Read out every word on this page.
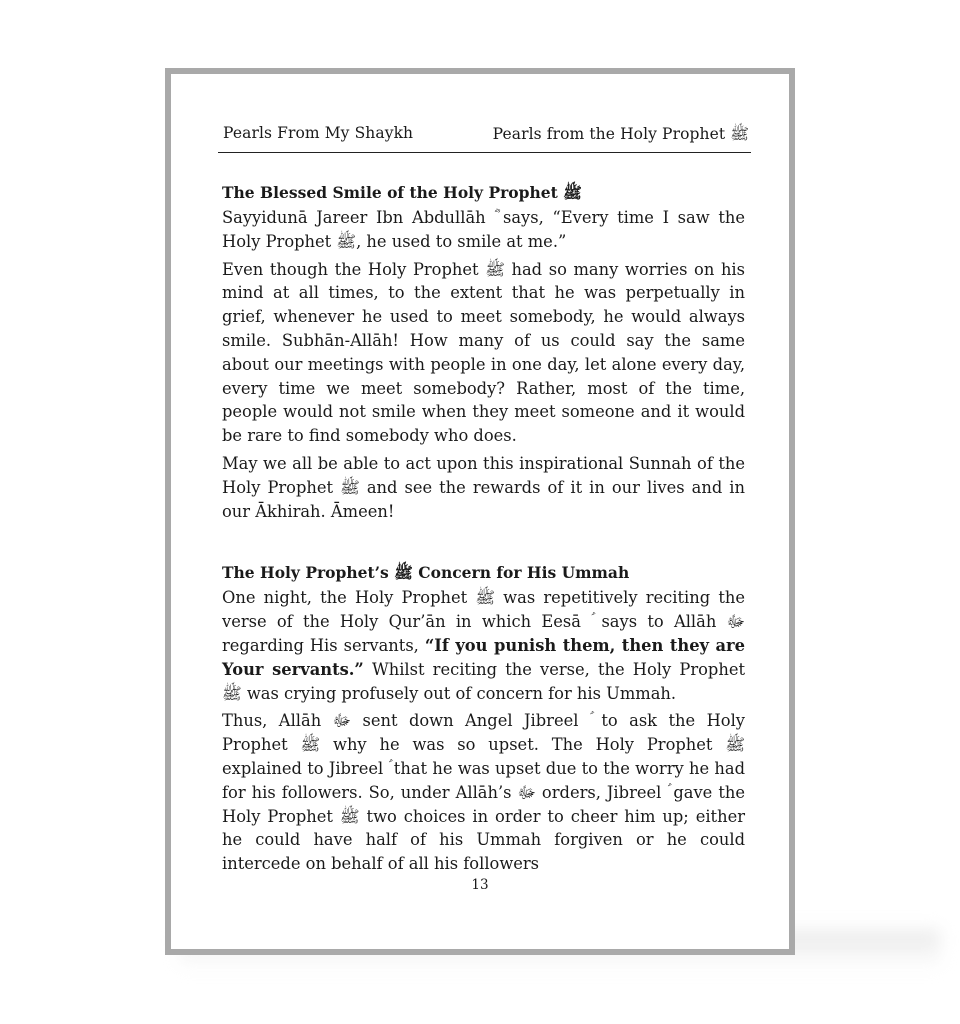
Pearls From My Shaykh	Pearls from the Holy Prophet ﷺ
The Blessed Smile of the Holy Prophet ﷺ

Sayyidunā Jareer Ibn Abdullāh ؓ says, “Every time I saw the Holy Prophet ﷺ, he used to smile at me.”

Even though the Holy Prophet ﷺ had so many worries on his mind at all times, to the extent that he was perpetually in grief, whenever he used to meet somebody, he would always smile. Subhān-Allāh! How many of us could say the same about our meetings with people in one day, let alone every day, every time we meet somebody? Rather, most of the time, people would not smile when they meet someone and it would be rare to find somebody who does.

May we all be able to act upon this inspirational Sunnah of the Holy Prophet ﷺ and see the rewards of it in our lives and in our Ākhirah. Āmeen!

The Holy Prophet’s ﷺ Concern for His Ummah

One night, the Holy Prophet ﷺ was repetitively reciting the verse of the Holy Qur’ān in which Eesā ؑ says to Allāh ﷻ regarding His servants, “If you punish them, then they are Your servants.” Whilst reciting the verse, the Holy Prophet ﷺ was crying profusely out of concern for his Ummah.

Thus, Allāh ﷻ sent down Angel Jibreel ؑ to ask the Holy Prophet ﷺ why he was so upset. The Holy Prophet ﷺ explained to Jibreel ؑ that he was upset due to the worry he had for his followers. So, under Allāh’s ﷻ orders, Jibreel ؑ gave the Holy Prophet ﷺ two choices in order to cheer him up; either he could have half of his Ummah forgiven or he could intercede on behalf of all his followers

13
